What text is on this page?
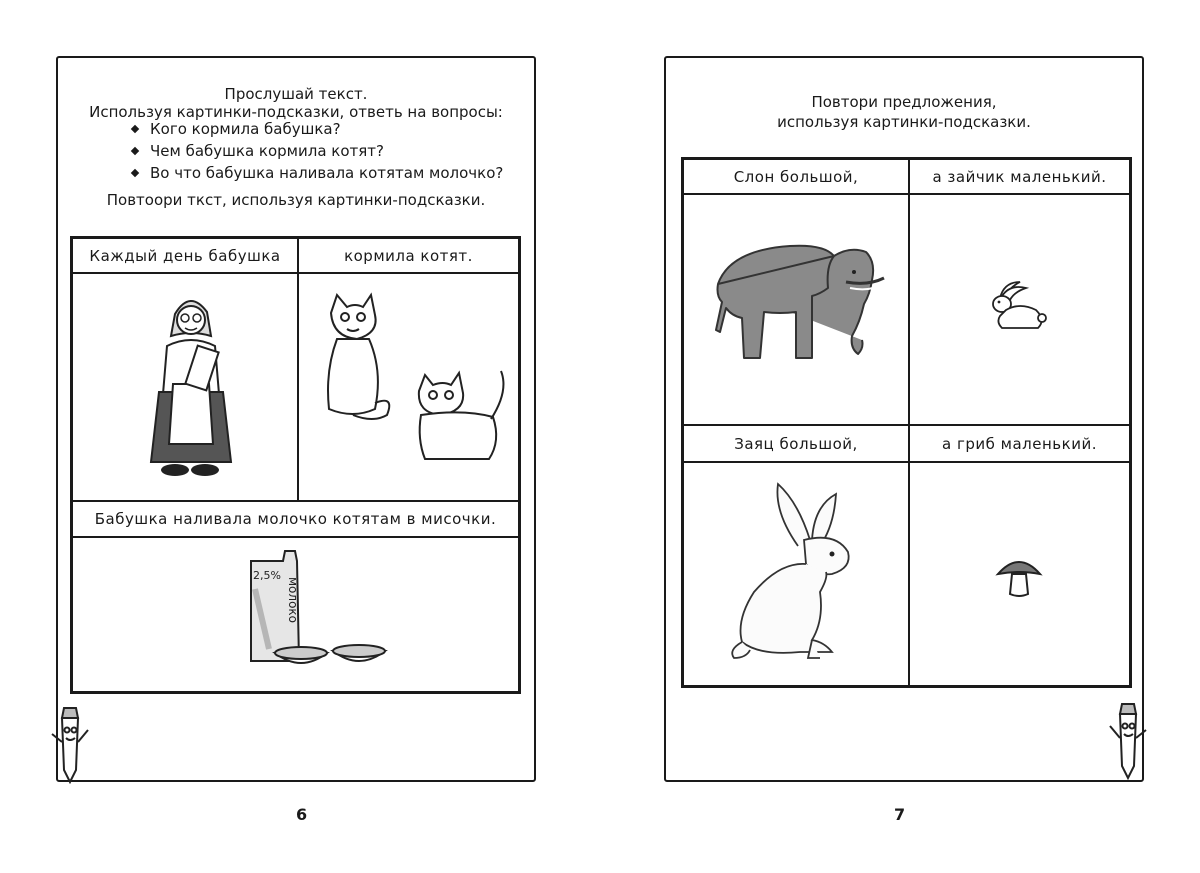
Прослушай текст.
Используя картинки-подсказки, ответь на вопросы:
Кого кормила бабушка?
Чем бабушка кормила котят?
Во что бабушка наливала котятам молочко?
Повтоори ткст, используя картинки-подсказки.
Каждый день бабушка	кормила котят.
Бабушка наливала молочко котятам в мисочки.
2,5%
молоко
6
Повтори предложения,
используя картинки-подсказки.
Слон большой,	а зайчик маленький.
Заяц большой,	а гриб маленький.
7
